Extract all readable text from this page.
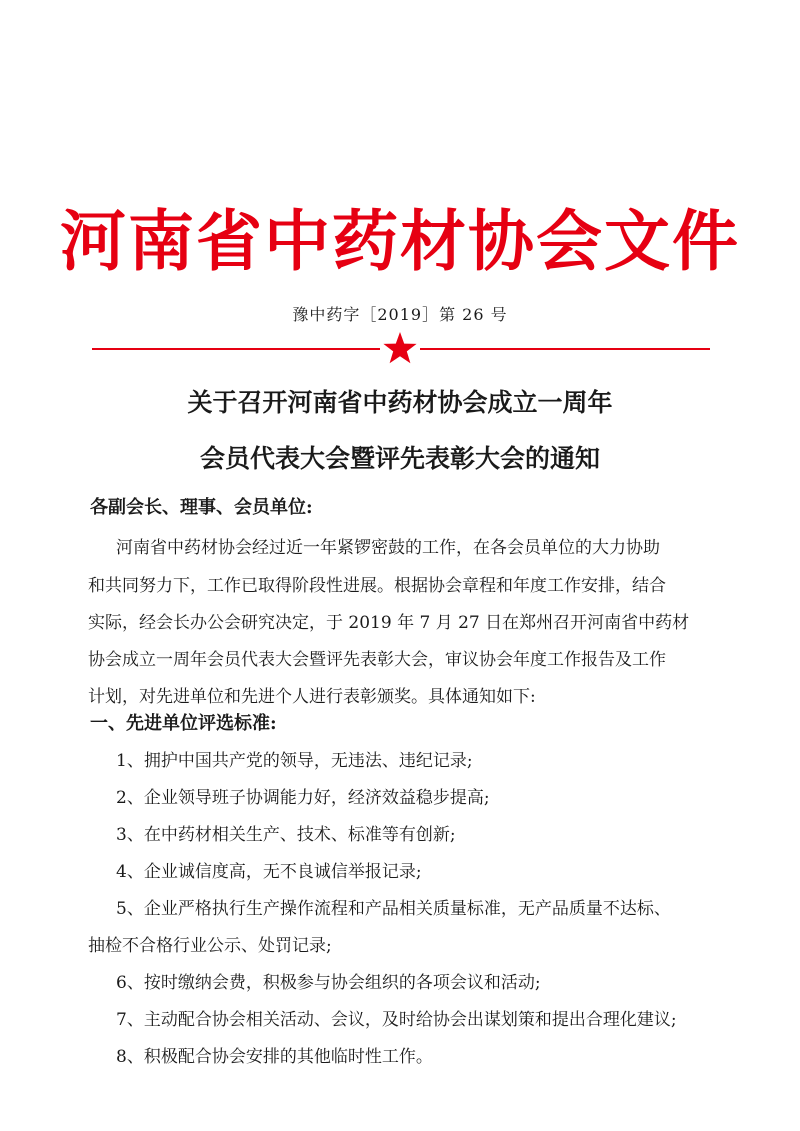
河南省中药材协会文件
豫中药字［2019］第 26 号
关于召开河南省中药材协会成立一周年
会员代表大会暨评先表彰大会的通知
各副会长、理事、会员单位:
河南省中药材协会经过近一年紧锣密鼓的工作，在各会员单位的大力协助
和共同努力下，工作已取得阶段性进展。根据协会章程和年度工作安排，结合
实际，经会长办公会研究决定，于 2019 年 7 月 27 日在郑州召开河南省中药材
协会成立一周年会员代表大会暨评先表彰大会，审议协会年度工作报告及工作
计划，对先进单位和先进个人进行表彰颁奖。具体通知如下:
一、先进单位评选标准:
1、拥护中国共产党的领导，无违法、违纪记录;
2、企业领导班子协调能力好，经济效益稳步提高;
3、在中药材相关生产、技术、标准等有创新;
4、企业诚信度高，无不良诚信举报记录;
5、企业严格执行生产操作流程和产品相关质量标准，无产品质量不达标、
抽检不合格行业公示、处罚记录;
6、按时缴纳会费，积极参与协会组织的各项会议和活动;
7、主动配合协会相关活动、会议，及时给协会出谋划策和提出合理化建议;
8、积极配合协会安排的其他临时性工作。
